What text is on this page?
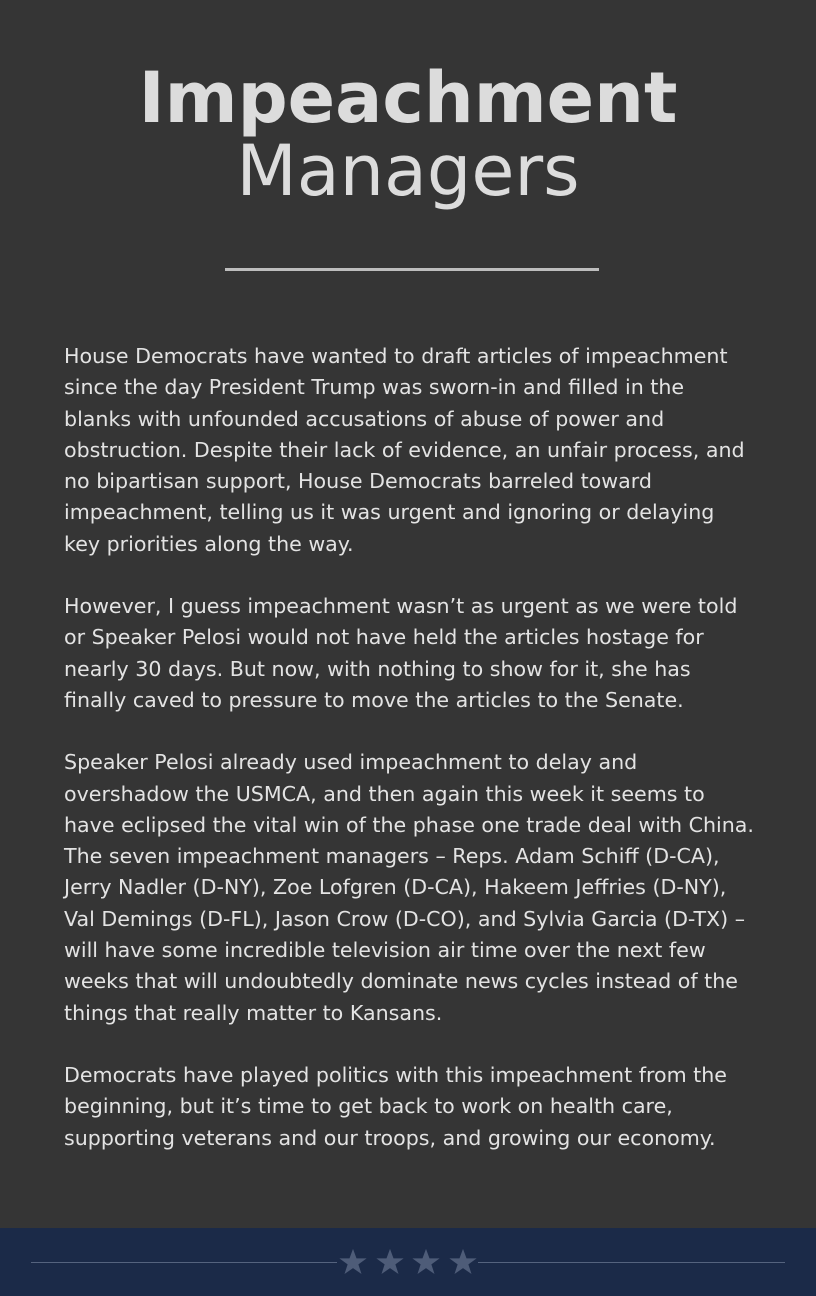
Impeachment
Managers

House Democrats have wanted to draft articles of impeachment since the day President Trump was sworn-in and filled in the blanks with unfounded accusations of abuse of power and obstruction. Despite their lack of evidence, an unfair process, and no bipartisan support, House Democrats barreled toward impeachment, telling us it was urgent and ignoring or delaying key priorities along the way.

However, I guess impeachment wasn’t as urgent as we were told or Speaker Pelosi would not have held the articles hostage for nearly 30 days. But now, with nothing to show for it, she has finally caved to pressure to move the articles to the Senate.

Speaker Pelosi already used impeachment to delay and overshadow the USMCA, and then again this week it seems to have eclipsed the vital win of the phase one trade deal with China. The seven impeachment managers – Reps. Adam Schiff (D-CA), Jerry Nadler (D-NY), Zoe Lofgren (D-CA), Hakeem Jeffries (D-NY), Val Demings (D-FL), Jason Crow (D-CO), and Sylvia Garcia (D-TX) – will have some incredible television air time over the next few weeks that will undoubtedly dominate news cycles instead of the things that really matter to Kansans.

Democrats have played politics with this impeachment from the beginning, but it’s time to get back to work on health care, supporting veterans and our troops, and growing our economy.
